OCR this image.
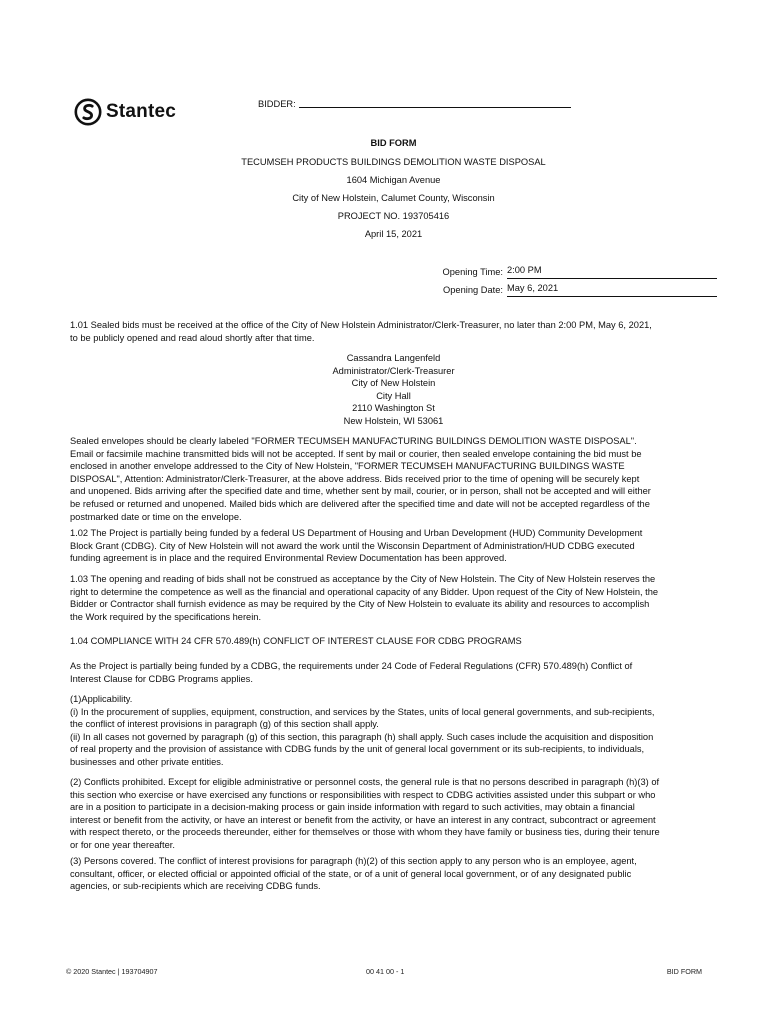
Stantec	BIDDER:
BID FORM
TECUMSEH PRODUCTS BUILDINGS DEMOLITION WASTE DISPOSAL
1604 Michigan Avenue
City of New Holstein, Calumet County, Wisconsin
PROJECT NO. 193705416
April 15, 2021
Opening Time: 2:00 PM
Opening Date: May 6, 2021
1.01 Sealed bids must be received at the office of the City of New Holstein Administrator/Clerk-Treasurer, no later than 2:00 PM, May 6, 2021,
to be publicly opened and read aloud shortly after that time.
Cassandra Langenfeld
Administrator/Clerk-Treasurer
City of New Holstein
City Hall
2110 Washington St
New Holstein, WI 53061
Sealed envelopes should be clearly labeled "FORMER TECUMSEH MANUFACTURING BUILDINGS DEMOLITION WASTE DISPOSAL".
Email or facsimile machine transmitted bids will not be accepted. If sent by mail or courier, then sealed envelope containing the bid must be
enclosed in another envelope addressed to the City of New Holstein, "FORMER TECUMSEH MANUFACTURING BUILDINGS WASTE
DISPOSAL", Attention: Administrator/Clerk-Treasurer, at the above address. Bids received prior to the time of opening will be securely kept
and unopened. Bids arriving after the specified date and time, whether sent by mail, courier, or in person, shall not be accepted and will either
be refused or returned and unopened. Mailed bids which are delivered after the specified time and date will not be accepted regardless of the
postmarked date or time on the envelope.
1.02 The Project is partially being funded by a federal US Department of Housing and Urban Development (HUD) Community Development
Block Grant (CDBG). City of New Holstein will not award the work until the Wisconsin Department of Administration/HUD CDBG executed
funding agreement is in place and the required Environmental Review Documentation has been approved.
1.03 The opening and reading of bids shall not be construed as acceptance by the City of New Holstein. The City of New Holstein reserves the
right to determine the competence as well as the financial and operational capacity of any Bidder. Upon request of the City of New Holstein, the
Bidder or Contractor shall furnish evidence as may be required by the City of New Holstein to evaluate its ability and resources to accomplish
the Work required by the specifications herein.
1.04 COMPLIANCE WITH 24 CFR 570.489(h) CONFLICT OF INTEREST CLAUSE FOR CDBG PROGRAMS
As the Project is partially being funded by a CDBG, the requirements under 24 Code of Federal Regulations (CFR) 570.489(h) Conflict of
Interest Clause for CDBG Programs applies.
(1)Applicability.
(i) In the procurement of supplies, equipment, construction, and services by the States, units of local general governments, and sub-recipients,
the conflict of interest provisions in paragraph (g) of this section shall apply.
(ii) In all cases not governed by paragraph (g) of this section, this paragraph (h) shall apply. Such cases include the acquisition and disposition
of real property and the provision of assistance with CDBG funds by the unit of general local government or its sub-recipients, to individuals,
businesses and other private entities.
(2) Conflicts prohibited. Except for eligible administrative or personnel costs, the general rule is that no persons described in paragraph (h)(3) of
this section who exercise or have exercised any functions or responsibilities with respect to CDBG activities assisted under this subpart or who
are in a position to participate in a decision-making process or gain inside information with regard to such activities, may obtain a financial
interest or benefit from the activity, or have an interest or benefit from the activity, or have an interest in any contract, subcontract or agreement
with respect thereto, or the proceeds thereunder, either for themselves or those with whom they have family or business ties, during their tenure
or for one year thereafter.
(3) Persons covered. The conflict of interest provisions for paragraph (h)(2) of this section apply to any person who is an employee, agent,
consultant, officer, or elected official or appointed official of the state, or of a unit of general local government, or of any designated public
agencies, or sub-recipients which are receiving CDBG funds.
© 2020 Stantec | 193704907	00 41 00 - 1	BID FORM
